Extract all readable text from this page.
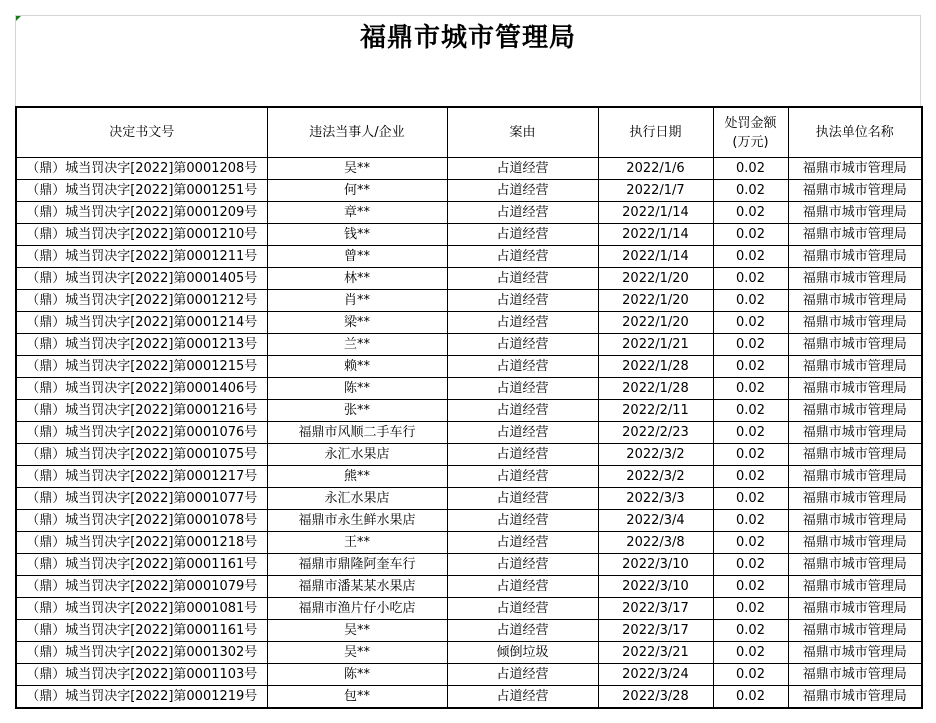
福鼎市城市管理局
决定书文号	违法当事人/企业	案由	执行日期	处罚金额
(万元)	执法单位名称
（鼎）城当罚决字[2022]第0001208号	吴**	占道经营	2022/1/6	0.02	福鼎市城市管理局
（鼎）城当罚决字[2022]第0001251号	何**	占道经营	2022/1/7	0.02	福鼎市城市管理局
（鼎）城当罚决字[2022]第0001209号	章**	占道经营	2022/1/14	0.02	福鼎市城市管理局
（鼎）城当罚决字[2022]第0001210号	钱**	占道经营	2022/1/14	0.02	福鼎市城市管理局
（鼎）城当罚决字[2022]第0001211号	曾**	占道经营	2022/1/14	0.02	福鼎市城市管理局
（鼎）城当罚决字[2022]第0001405号	林**	占道经营	2022/1/20	0.02	福鼎市城市管理局
（鼎）城当罚决字[2022]第0001212号	肖**	占道经营	2022/1/20	0.02	福鼎市城市管理局
（鼎）城当罚决字[2022]第0001214号	梁**	占道经营	2022/1/20	0.02	福鼎市城市管理局
（鼎）城当罚决字[2022]第0001213号	兰**	占道经营	2022/1/21	0.02	福鼎市城市管理局
（鼎）城当罚决字[2022]第0001215号	赖**	占道经营	2022/1/28	0.02	福鼎市城市管理局
（鼎）城当罚决字[2022]第0001406号	陈**	占道经营	2022/1/28	0.02	福鼎市城市管理局
（鼎）城当罚决字[2022]第0001216号	张**	占道经营	2022/2/11	0.02	福鼎市城市管理局
（鼎）城当罚决字[2022]第0001076号	福鼎市风顺二手车行	占道经营	2022/2/23	0.02	福鼎市城市管理局
（鼎）城当罚决字[2022]第0001075号	永汇水果店	占道经营	2022/3/2	0.02	福鼎市城市管理局
（鼎）城当罚决字[2022]第0001217号	熊**	占道经营	2022/3/2	0.02	福鼎市城市管理局
（鼎）城当罚决字[2022]第0001077号	永汇水果店	占道经营	2022/3/3	0.02	福鼎市城市管理局
（鼎）城当罚决字[2022]第0001078号	福鼎市永生鲜水果店	占道经营	2022/3/4	0.02	福鼎市城市管理局
（鼎）城当罚决字[2022]第0001218号	王**	占道经营	2022/3/8	0.02	福鼎市城市管理局
（鼎）城当罚决字[2022]第0001161号	福鼎市鼎隆阿奎车行	占道经营	2022/3/10	0.02	福鼎市城市管理局
（鼎）城当罚决字[2022]第0001079号	福鼎市潘某某水果店	占道经营	2022/3/10	0.02	福鼎市城市管理局
（鼎）城当罚决字[2022]第0001081号	福鼎市渔片仔小吃店	占道经营	2022/3/17	0.02	福鼎市城市管理局
（鼎）城当罚决字[2022]第0001161号	吴**	占道经营	2022/3/17	0.02	福鼎市城市管理局
（鼎）城当罚决字[2022]第0001302号	吴**	倾倒垃圾	2022/3/21	0.02	福鼎市城市管理局
（鼎）城当罚决字[2022]第0001103号	陈**	占道经营	2022/3/24	0.02	福鼎市城市管理局
（鼎）城当罚决字[2022]第0001219号	包**	占道经营	2022/3/28	0.02	福鼎市城市管理局
